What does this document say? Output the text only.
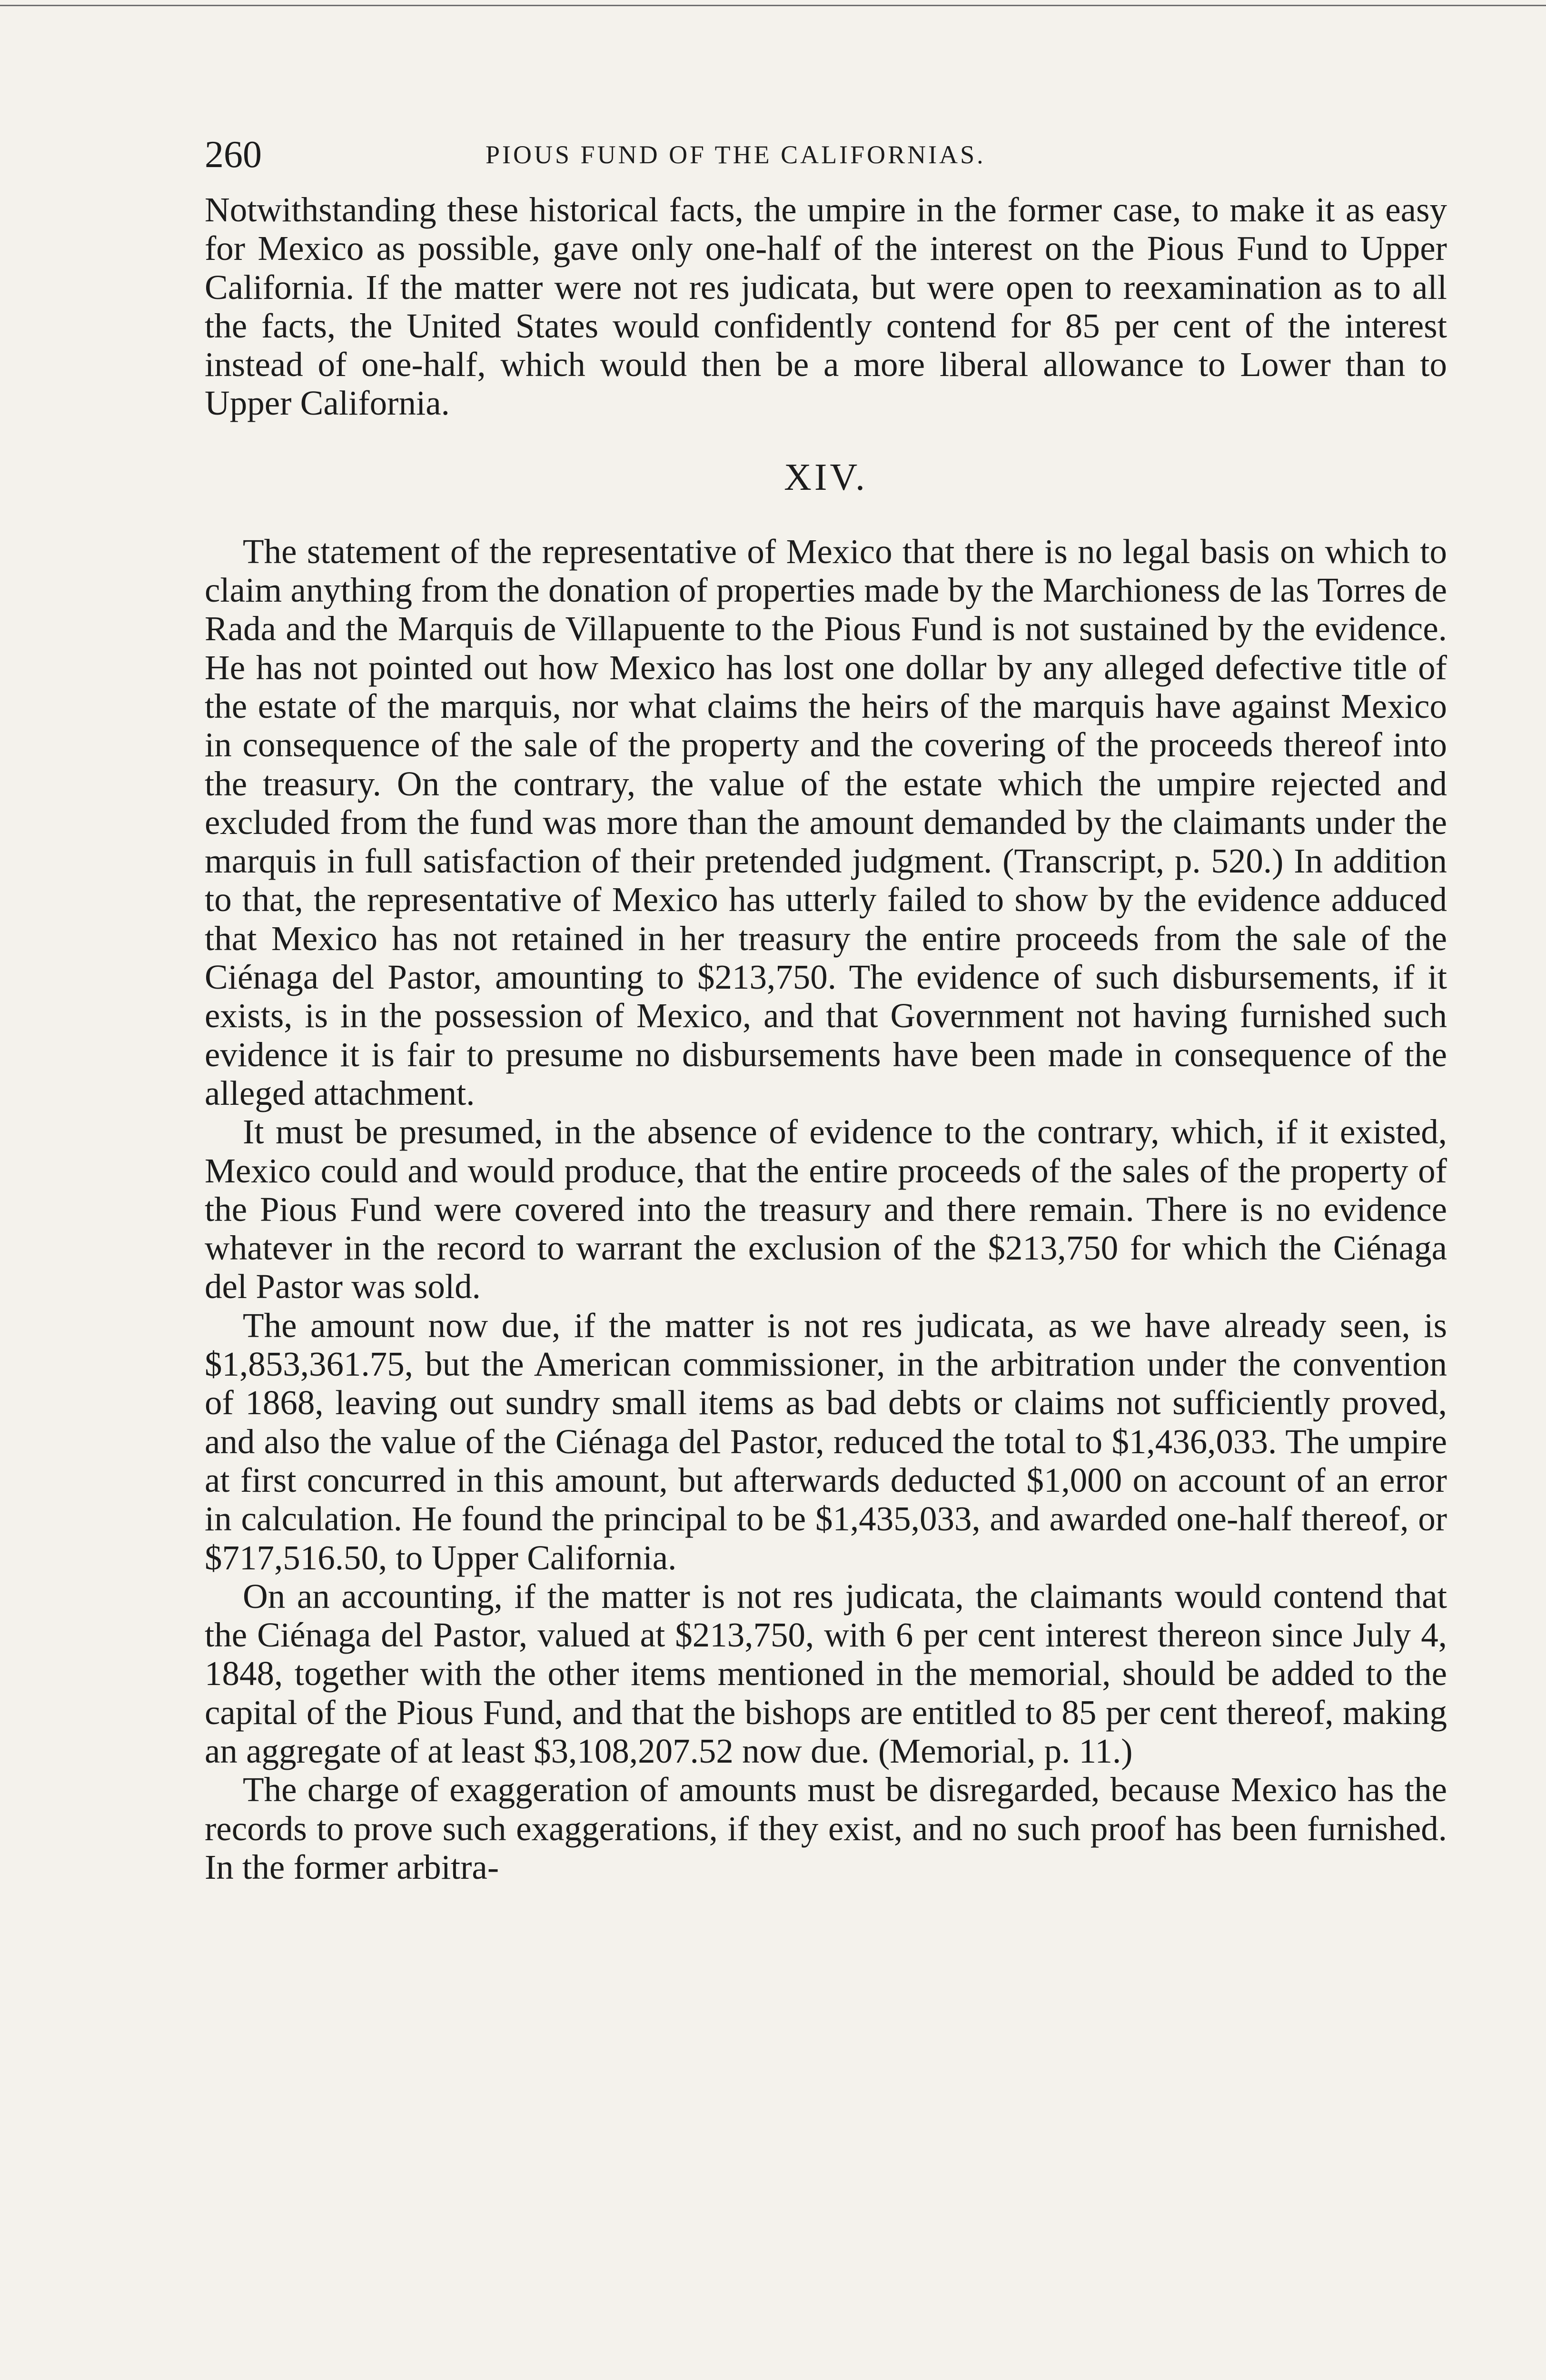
260	PIOUS FUND OF THE CALIFORNIAS.

Notwithstanding these historical facts, the umpire in the former case, to make it as easy for Mexico as possible, gave only one-half of the interest on the Pious Fund to Upper California. If the matter were not res judicata, but were open to reexamination as to all the facts, the United States would confidently contend for 85 per cent of the interest instead of one-half, which would then be a more liberal allowance to Lower than to Upper California.

XIV.

The statement of the representative of Mexico that there is no legal basis on which to claim anything from the donation of properties made by the Marchioness de las Torres de Rada and the Marquis de Villapuente to the Pious Fund is not sustained by the evidence. He has not pointed out how Mexico has lost one dollar by any alleged defective title of the estate of the marquis, nor what claims the heirs of the marquis have against Mexico in consequence of the sale of the property and the covering of the proceeds thereof into the treasury. On the contrary, the value of the estate which the umpire rejected and excluded from the fund was more than the amount demanded by the claimants under the marquis in full satisfaction of their pretended judgment. (Transcript, p. 520.) In addition to that, the representative of Mexico has utterly failed to show by the evidence adduced that Mexico has not retained in her treasury the entire proceeds from the sale of the Ciénaga del Pastor, amounting to $213,750. The evidence of such disbursements, if it exists, is in the possession of Mexico, and that Government not having furnished such evidence it is fair to presume no disbursements have been made in consequence of the alleged attachment.

It must be presumed, in the absence of evidence to the contrary, which, if it existed, Mexico could and would produce, that the entire proceeds of the sales of the property of the Pious Fund were covered into the treasury and there remain. There is no evidence whatever in the record to warrant the exclusion of the $213,750 for which the Ciénaga del Pastor was sold.

The amount now due, if the matter is not res judicata, as we have already seen, is $1,853,361.75, but the American commissioner, in the arbitration under the convention of 1868, leaving out sundry small items as bad debts or claims not sufficiently proved, and also the value of the Ciénaga del Pastor, reduced the total to $1,436,033. The umpire at first concurred in this amount, but afterwards deducted $1,000 on account of an error in calculation. He found the principal to be $1,435,033, and awarded one-half thereof, or $717,516.50, to Upper California.

On an accounting, if the matter is not res judicata, the claimants would contend that the Ciénaga del Pastor, valued at $213,750, with 6 per cent interest thereon since July 4, 1848, together with the other items mentioned in the memorial, should be added to the capital of the Pious Fund, and that the bishops are entitled to 85 per cent thereof, making an aggregate of at least $3,108,207.52 now due. (Memorial, p. 11.)

The charge of exaggeration of amounts must be disregarded, because Mexico has the records to prove such exaggerations, if they exist, and no such proof has been furnished. In the former arbitra-
